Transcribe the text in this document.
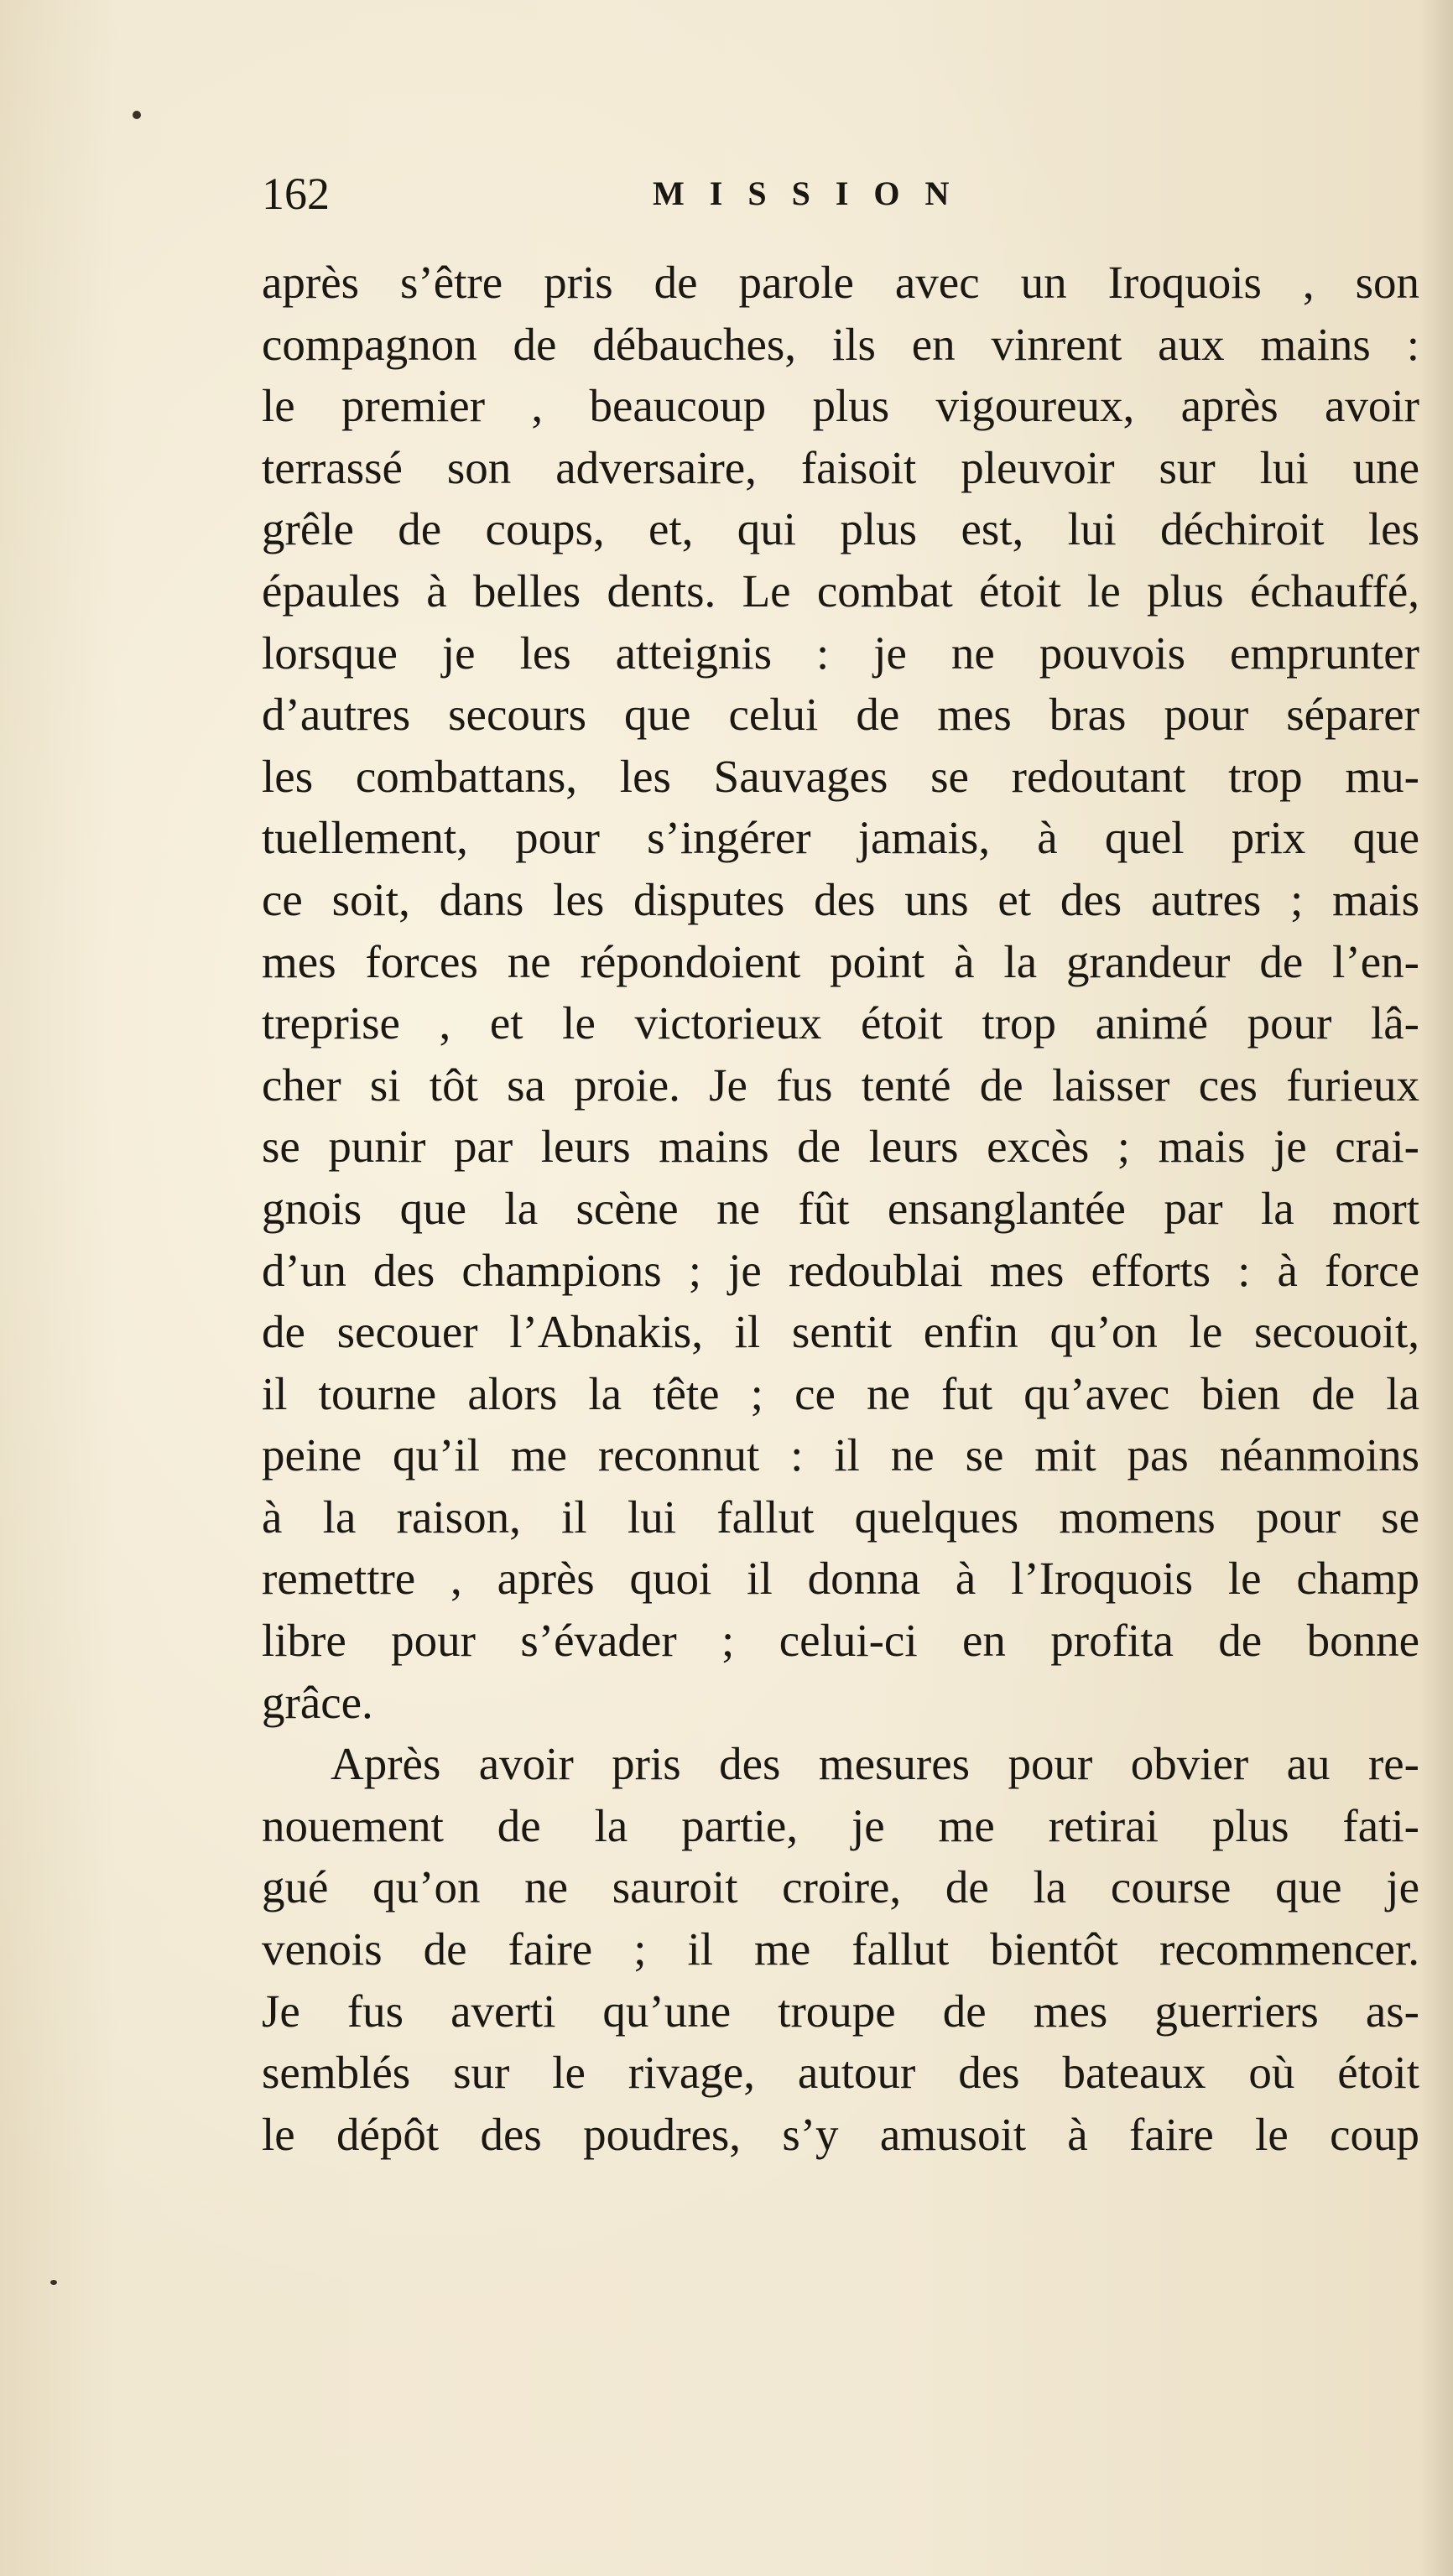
162	MISSION
après s’être pris de parole avec un Iroquois , son
compagnon de débauches, ils en vinrent aux mains :
le premier , beaucoup plus vigoureux, après avoir
terrassé son adversaire, faisoit pleuvoir sur lui une
grêle de coups, et, qui plus est, lui déchiroit les
épaules à belles dents. Le combat étoit le plus échauffé,
lorsque je les atteignis : je ne pouvois emprunter
d’autres secours que celui de mes bras pour séparer
les combattans, les Sauvages se redoutant trop mu-
tuellement, pour s’ingérer jamais, à quel prix que
ce soit, dans les disputes des uns et des autres ; mais
mes forces ne répondoient point à la grandeur de l’en-
treprise , et le victorieux étoit trop animé pour lâ-
cher si tôt sa proie. Je fus tenté de laisser ces furieux
se punir par leurs mains de leurs excès ; mais je crai-
gnois que la scène ne fût ensanglantée par la mort
d’un des champions ; je redoublai mes efforts : à force
de secouer l’Abnakis, il sentit enfin qu’on le secouoit,
il tourne alors la tête ; ce ne fut qu’avec bien de la
peine qu’il me reconnut : il ne se mit pas néanmoins
à la raison, il lui fallut quelques momens pour se
remettre , après quoi il donna à l’Iroquois le champ
libre pour s’évader ; celui-ci en profita de bonne
grâce.
Après avoir pris des mesures pour obvier au re-
nouement de la partie, je me retirai plus fati-
gué qu’on ne sauroit croire, de la course que je
venois de faire ; il me fallut bientôt recommencer.
Je fus averti qu’une troupe de mes guerriers as-
semblés sur le rivage, autour des bateaux où étoit
le dépôt des poudres, s’y amusoit à faire le coup
